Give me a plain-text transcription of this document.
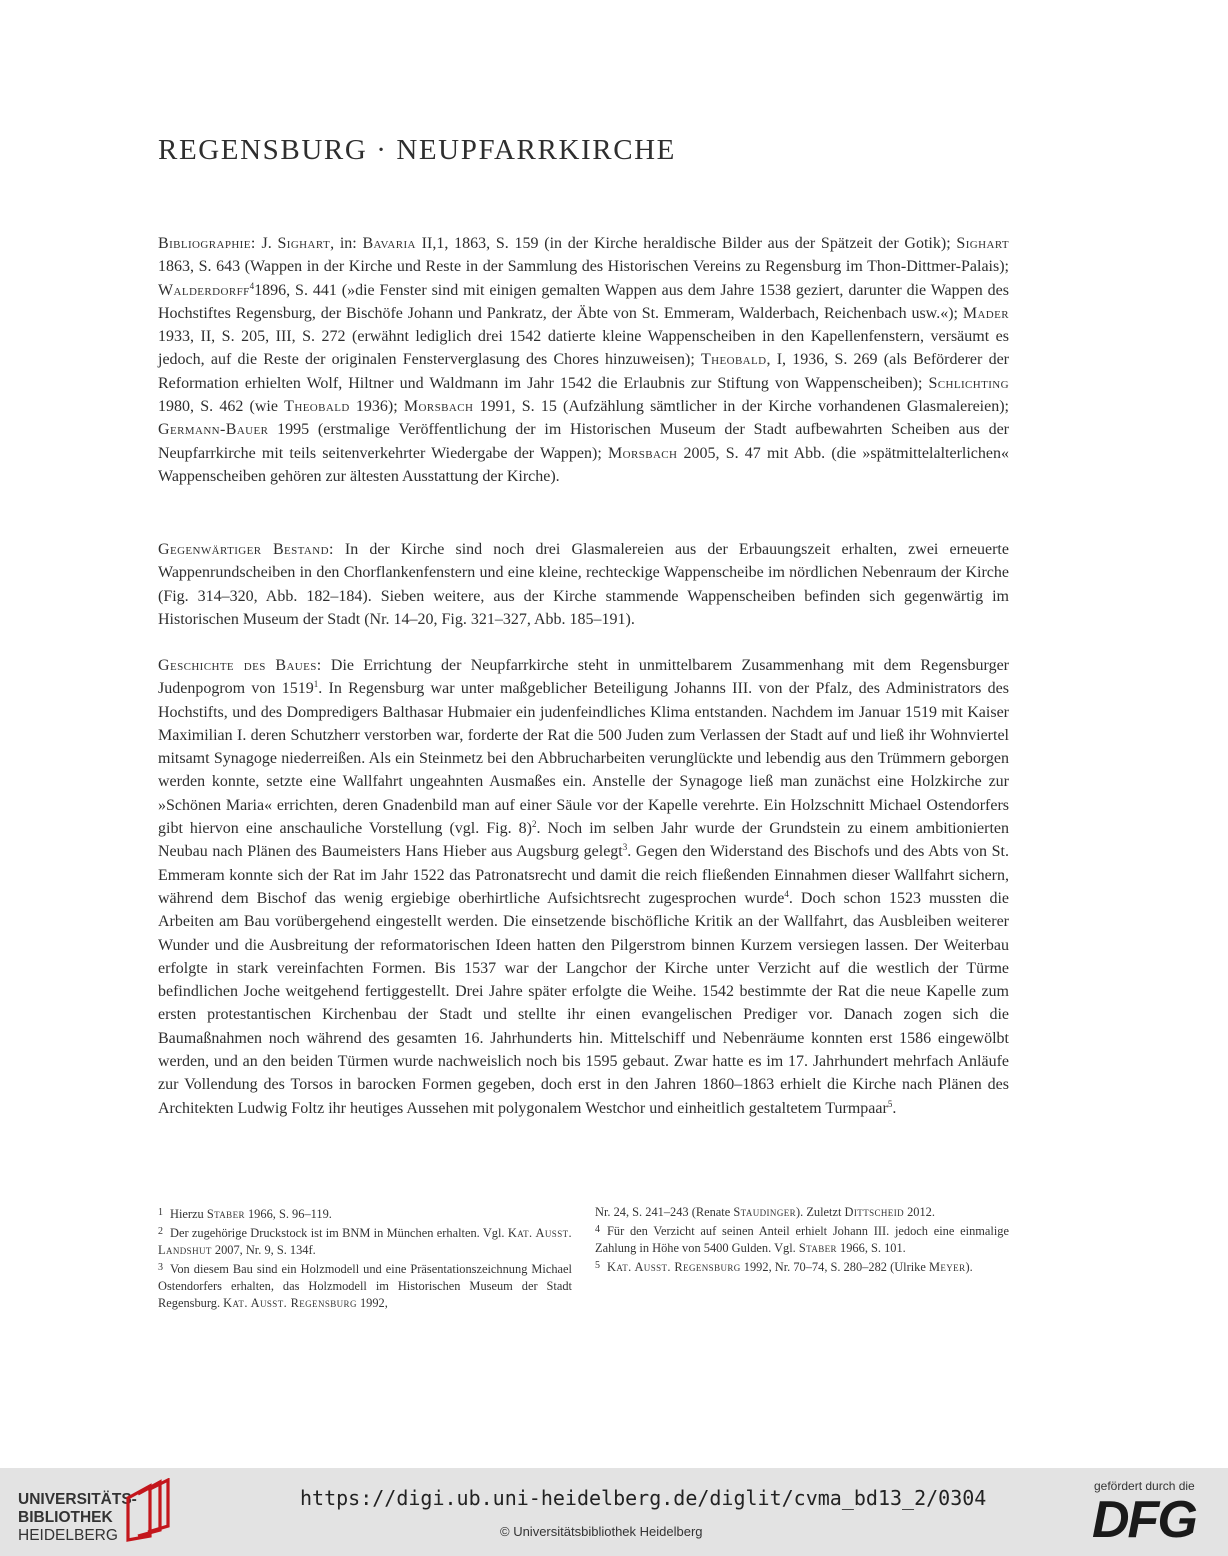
REGENSBURG · NEUPFARRKIRCHE

Bibliographie: J. Sighart, in: Bavaria II,1, 1863, S. 159 (in der Kirche heraldische Bilder aus der Spätzeit der Gotik); Sighart 1863, S. 643 (Wappen in der Kirche und Reste in der Sammlung des Historischen Vereins zu Regensburg im Thon-Dittmer-Palais); Walderdorff$^4$1896, S. 441 (»die Fenster sind mit einigen gemalten Wappen aus dem Jahre 1538 geziert, darunter die Wappen des Hochstiftes Regensburg, der Bischöfe Johann und Pankratz, der Äbte von St. Emmeram, Walderbach, Reichenbach usw.«); Mader 1933, II, S. 205, III, S. 272 (erwähnt lediglich drei 1542 datierte kleine Wappenscheiben in den Kapellenfenstern, versäumt es jedoch, auf die Reste der originalen Fensterverglasung des Chores hinzuweisen); Theobald, I, 1936, S. 269 (als Beförderer der Reformation erhielten Wolf, Hiltner und Waldmann im Jahr 1542 die Erlaubnis zur Stiftung von Wappenscheiben); Schlichting 1980, S. 462 (wie Theobald 1936); Morsbach 1991, S. 15 (Aufzählung sämtlicher in der Kirche vorhandenen Glasmalereien); Germann-Bauer 1995 (erstmalige Veröffentlichung der im Historischen Museum der Stadt aufbewahrten Scheiben aus der Neupfarrkirche mit teils seitenverkehrter Wiedergabe der Wappen); Morsbach 2005, S. 47 mit Abb. (die »spätmittelalterlichen« Wappenscheiben gehören zur ältesten Ausstattung der Kirche).

Gegenwärtiger Bestand: In der Kirche sind noch drei Glasmalereien aus der Erbauungszeit erhalten, zwei erneuerte Wappenrundscheiben in den Chorflankenfenstern und eine kleine, rechteckige Wappenscheibe im nördlichen Nebenraum der Kirche (Fig. 314–320, Abb. 182–184). Sieben weitere, aus der Kirche stammende Wappenscheiben befinden sich gegenwärtig im Historischen Museum der Stadt (Nr. 14–20, Fig. 321–327, Abb. 185–191).

Geschichte des Baues: Die Errichtung der Neupfarrkirche steht in unmittelbarem Zusammenhang mit dem Regensburger Judenpogrom von 1519$^1$. In Regensburg war unter maßgeblicher Beteiligung Johanns III. von der Pfalz, des Administrators des Hochstifts, und des Dompredigers Balthasar Hubmaier ein judenfeindliches Klima entstanden. Nachdem im Januar 1519 mit Kaiser Maximilian I. deren Schutzherr verstorben war, forderte der Rat die 500 Juden zum Verlassen der Stadt auf und ließ ihr Wohnviertel mitsamt Synagoge niederreißen. Als ein Steinmetz bei den Abbrucharbeiten verunglückte und lebendig aus den Trümmern geborgen werden konnte, setzte eine Wallfahrt ungeahnten Ausmaßes ein. Anstelle der Synagoge ließ man zunächst eine Holzkirche zur »Schönen Maria« errichten, deren Gnadenbild man auf einer Säule vor der Kapelle verehrte. Ein Holzschnitt Michael Ostendorfers gibt hiervon eine anschauliche Vorstellung (vgl. Fig. 8)$^2$. Noch im selben Jahr wurde der Grundstein zu einem ambitionierten Neubau nach Plänen des Baumeisters Hans Hieber aus Augsburg gelegt$^3$. Gegen den Widerstand des Bischofs und des Abts von St. Emmeram konnte sich der Rat im Jahr 1522 das Patronatsrecht und damit die reich fließenden Einnahmen dieser Wallfahrt sichern, während dem Bischof das wenig ergiebige oberhirtliche Aufsichtsrecht zugesprochen wurde$^4$. Doch schon 1523 mussten die Arbeiten am Bau vorübergehend eingestellt werden. Die einsetzende bischöfliche Kritik an der Wallfahrt, das Ausbleiben weiterer Wunder und die Ausbreitung der reformatorischen Ideen hatten den Pilgerstrom binnen Kurzem versiegen lassen. Der Weiterbau erfolgte in stark vereinfachten Formen. Bis 1537 war der Langchor der Kirche unter Verzicht auf die westlich der Türme befindlichen Joche weitgehend fertiggestellt. Drei Jahre später erfolgte die Weihe. 1542 bestimmte der Rat die neue Kapelle zum ersten protestantischen Kirchenbau der Stadt und stellte ihr einen evangelischen Prediger vor. Danach zogen sich die Baumaßnahmen noch während des gesamten 16. Jahrhunderts hin. Mittelschiff und Nebenräume konnten erst 1586 eingewölbt werden, und an den beiden Türmen wurde nachweislich noch bis 1595 gebaut. Zwar hatte es im 17. Jahrhundert mehrfach Anläufe zur Vollendung des Torsos in barocken Formen gegeben, doch erst in den Jahren 1860–1863 erhielt die Kirche nach Plänen des Architekten Ludwig Foltz ihr heutiges Aussehen mit polygonalem Westchor und einheitlich gestaltetem Turmpaar$^5$.

1 Hierzu Staber 1966, S. 96–119.

2 Der zugehörige Druckstock ist im BNM in München erhalten. Vgl. Kat. Ausst. Landshut 2007, Nr. 9, S. 134f.

3 Von diesem Bau sind ein Holzmodell und eine Präsentationszeichnung Michael Ostendorfers erhalten, das Holzmodell im Historischen Museum der Stadt Regensburg. Kat. Ausst. Regensburg 1992,

Nr. 24, S. 241–243 (Renate Staudinger). Zuletzt Dittscheid 2012.

4 Für den Verzicht auf seinen Anteil erhielt Johann III. jedoch eine einmalige Zahlung in Höhe von 5400 Gulden. Vgl. Staber 1966, S. 101.

5 Kat. Ausst. Regensburg 1992, Nr. 70–74, S. 280–282 (Ulrike Meyer).

UNIVERSITÄTS-
BIBLIOTHEK
HEIDELBERG
https://digi.ub.uni-heidelberg.de/diglit/cvma_bd13_2/0304
© Universitätsbibliothek Heidelberg
gefördert durch die
DFG
